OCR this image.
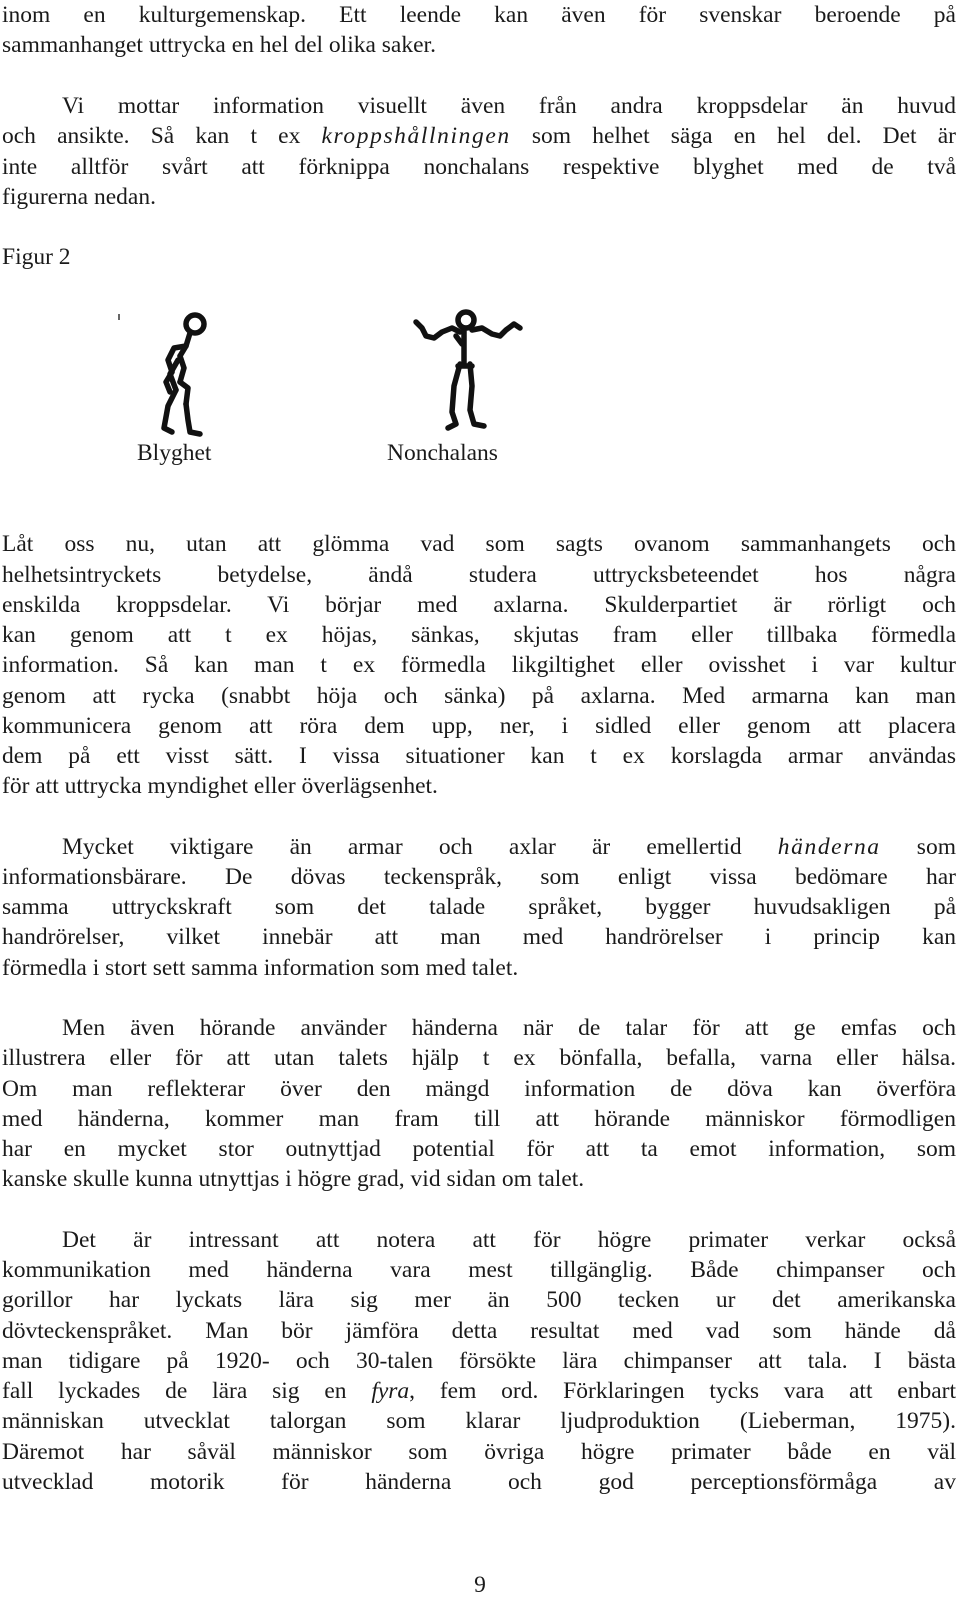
inom en kulturgemenskap. Ett leende kan även för svenskar beroende på
sammanhanget uttrycka en hel del olika saker.
Vi mottar information visuellt även från andra kroppsdelar än huvud
och ansikte. Så kan t ex kroppshållningen som helhet säga en hel del. Det är
inte alltför svårt att förknippa nonchalans respektive blyghet med de två
figurerna nedan.
Figur 2
Blyghet	Nonchalans
Låt oss nu, utan att glömma vad som sagts ovanom sammanhangets och
helhetsintryckets betydelse, ändå studera uttrycksbeteendet hos några
enskilda kroppsdelar. Vi börjar med axlarna. Skulderpartiet är rörligt och
kan genom att t ex höjas, sänkas, skjutas fram eller tillbaka förmedla
information. Så kan man t ex förmedla likgiltighet eller ovisshet i var kultur
genom att rycka (snabbt höja och sänka) på axlarna. Med armarna kan man
kommunicera genom att röra dem upp, ner, i sidled eller genom att placera
dem på ett visst sätt. I vissa situationer kan t ex korslagda armar användas
för att uttrycka myndighet eller överlägsenhet.
Mycket viktigare än armar och axlar är emellertid händerna som
informationsbärare. De dövas teckenspråk, som enligt vissa bedömare har
samma uttryckskraft som det talade språket, bygger huvudsakligen på
handrörelser, vilket innebär att man med handrörelser i princip kan
förmedla i stort sett samma information som med talet.
Men även hörande använder händerna när de talar för att ge emfas och
illustrera eller för att utan talets hjälp t ex bönfalla, befalla, varna eller hälsa.
Om man reflekterar över den mängd information de döva kan överföra
med händerna, kommer man fram till att hörande människor förmodligen
har en mycket stor outnyttjad potential för att ta emot information, som
kanske skulle kunna utnyttjas i högre grad, vid sidan om talet.
Det är intressant att notera att för högre primater verkar också
kommunikation med händerna vara mest tillgänglig. Både chimpanser och
gorillor har lyckats lära sig mer än 500 tecken ur det amerikanska
dövteckenspråket. Man bör jämföra detta resultat med vad som hände då
man tidigare på 1920- och 30-talen försökte lära chimpanser att tala. I bästa
fall lyckades de lära sig en fyra, fem ord. Förklaringen tycks vara att enbart
människan utvecklat talorgan som klarar ljudproduktion (Lieberman, 1975).
Däremot har såväl människor som övriga högre primater både en väl
utvecklad motorik för händerna och god perceptionsförmåga av
9
